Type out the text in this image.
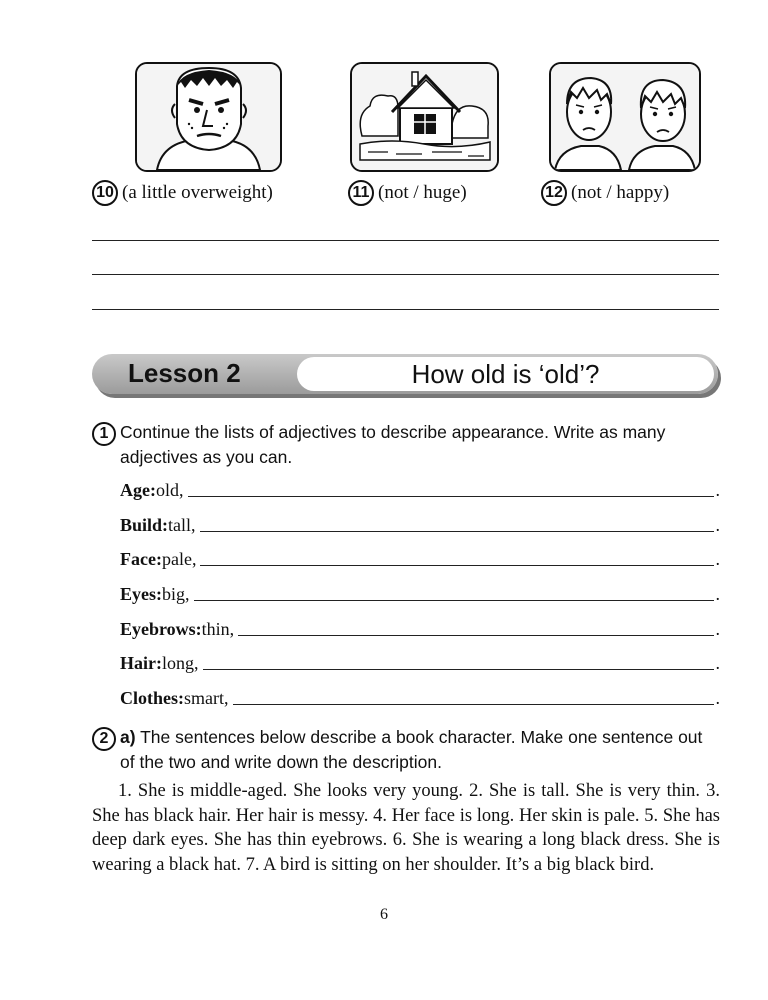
10 (a little overweight)	11 (not / huge)	12 (not / happy)
Lesson 2	How old is ‘old’?
1 Continue the lists of adjectives to describe appearance. Write as many adjectives as you can.
Age: old,	.
Build: tall,	.
Face: pale,	.
Eyes: big,	.
Eyebrows: thin,	.
Hair: long,	.
Clothes: smart,	.
2 a) The sentences below describe a book character. Make one sentence out of the two and write down the description.
1. She is middle-aged. She looks very young. 2. She is tall. She is very thin. 3. She has black hair. Her hair is messy. 4. Her face is long. Her skin is pale. 5. She has deep dark eyes. She has thin eyebrows. 6. She is wearing a long black dress. She is wearing a black hat. 7. A bird is sitting on her shoulder. It’s a big black bird.
6
